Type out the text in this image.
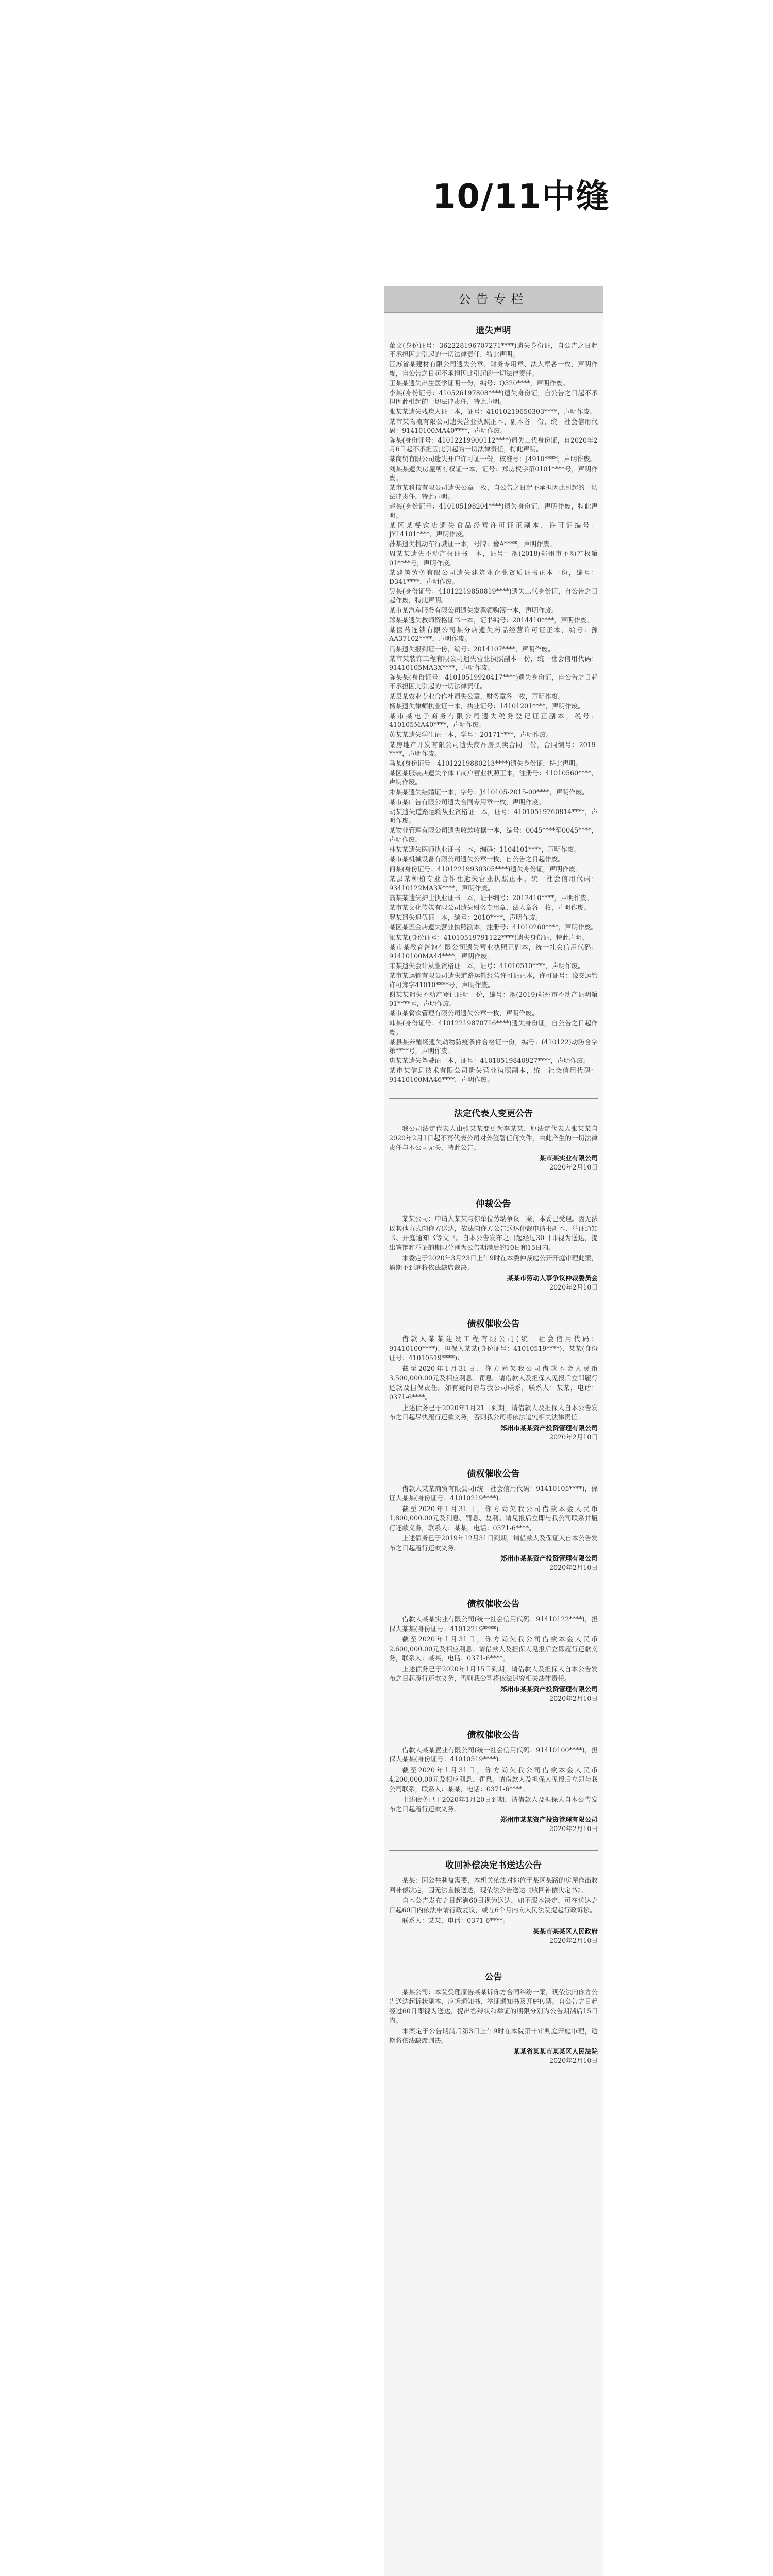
10/11中缝
公告专栏
遗失声明

董文(身份证号：362228196707271****)遗失身份证，自公告之日起不承担因此引起的一切法律责任，特此声明。

江苏省某建材有限公司遗失公章、财务专用章、法人章各一枚，声明作废，自公告之日起不承担因此引起的一切法律责任。

王某某遗失出生医学证明一份，编号：Q320****，声明作废。

李某(身份证号：410526197808****)遗失身份证，自公告之日起不承担因此引起的一切法律责任，特此声明。

张某某遗失残疾人证一本，证号：41010219650303****，声明作废。

某市某物流有限公司遗失营业执照正本、副本各一份，统一社会信用代码：91410100MA40****，声明作废。

陈某(身份证号：41012219900112****)遗失二代身份证，自2020年2月6日起不承担因此引起的一切法律责任，特此声明。

某商贸有限公司遗失开户许可证一份，核准号：J4910****，声明作废。

刘某某遗失房屋所有权证一本，证号：郑房权字第0101****号，声明作废。

某市某科技有限公司遗失公章一枚，自公告之日起不承担因此引起的一切法律责任，特此声明。

赵某(身份证号：410105198204****)遗失身份证，声明作废，特此声明。

某区某餐饮店遗失食品经营许可证正副本，许可证编号：JY14101****，声明作废。

孙某遗失机动车行驶证一本，号牌：豫A****，声明作废。

周某某遗失不动产权证书一本，证号：豫(2018)郑州市不动产权第01****号，声明作废。

某建筑劳务有限公司遗失建筑业企业资质证书正本一份，编号：D341****，声明作废。

吴某(身份证号：41012219850819****)遗失二代身份证，自公告之日起作废，特此声明。

某市某汽车服务有限公司遗失发票领购簿一本，声明作废。

郑某某遗失教师资格证书一本，证书编号：2014410****，声明作废。

某医药连锁有限公司某分店遗失药品经营许可证正本，编号：豫AA37102****，声明作废。

冯某遗失报到证一份，编号：2014107****，声明作废。

某市某装饰工程有限公司遗失营业执照副本一份，统一社会信用代码：91410105MA3X****，声明作废。

陈某某(身份证号：41010519920417****)遗失身份证，自公告之日起不承担因此引起的一切法律责任。

某县某农业专业合作社遗失公章、财务章各一枚，声明作废。

杨某遗失律师执业证一本，执业证号：14101201****，声明作废。

某市某电子商务有限公司遗失税务登记证正副本，税号：410105MA40****，声明作废。

黄某某遗失学生证一本，学号：20171****，声明作废。

某房地产开发有限公司遗失商品房买卖合同一份，合同编号：2019-****，声明作废。

马某(身份证号：41012219880213****)遗失身份证，特此声明。

某区某服装店遗失个体工商户营业执照正本，注册号：41010560****，声明作废。

朱某某遗失结婚证一本，字号：J410105-2015-00****，声明作废。

某市某广告有限公司遗失合同专用章一枚，声明作废。

胡某遗失道路运输从业资格证一本，证号：41010519760814****，声明作废。

某物业管理有限公司遗失收款收据一本，编号：0045****至0045****，声明作废。

林某某遗失医师执业证书一本，编码：1104101****，声明作废。

某市某机械设备有限公司遗失公章一枚，自公告之日起作废。

何某(身份证号：41012219930305****)遗失身份证，声明作废。

某县某种植专业合作社遗失营业执照正本，统一社会信用代码：93410122MA3X****，声明作废。

高某某遗失护士执业证书一本，证书编号：2012410****，声明作废。

某市某文化传媒有限公司遗失财务专用章、法人章各一枚，声明作废。

罗某遗失退伍证一本，编号：2010****，声明作废。

某区某五金店遗失营业执照副本，注册号：41010260****，声明作废。

梁某某(身份证号：41010519791122****)遗失身份证，特此声明。

某市某教育咨询有限公司遗失营业执照正副本，统一社会信用代码：91410100MA44****，声明作废。

宋某遗失会计从业资格证一本，证号：41010510****，声明作废。

某市某运输有限公司遗失道路运输经营许可证正本，许可证号：豫交运管许可郑字41010****号，声明作废。

谢某某遗失不动产登记证明一份，编号：豫(2019)郑州市不动产证明第01****号，声明作废。

某市某餐饮管理有限公司遗失公章一枚，声明作废。

韩某(身份证号：41012219870716****)遗失身份证，自公告之日起作废。

某县某养殖场遗失动物防疫条件合格证一份，编号：(410122)动防合字第****号，声明作废。

唐某某遗失驾驶证一本，证号：41010519840927****，声明作废。

某市某信息技术有限公司遗失营业执照副本，统一社会信用代码：91410100MA46****，声明作废。

法定代表人变更公告

我公司法定代表人由张某某变更为李某某，原法定代表人张某某自2020年2月1日起不再代表公司对外签署任何文件，由此产生的一切法律责任与本公司无关，特此公告。

某市某实业有限公司
2020年2月10日
仲裁公告

某某公司：申请人某某与你单位劳动争议一案，本委已受理。因无法以其他方式向你方送达，依法向你方公告送达仲裁申请书副本、举证通知书、开庭通知书等文书。自本公告发布之日起经过30日即视为送达，提出答辩和举证的期限分别为公告期满后的10日和15日内。

本委定于2020年3月23日上午9时在本委仲裁庭公开开庭审理此案，逾期不到庭将依法缺席裁决。

某某市劳动人事争议仲裁委员会
2020年2月10日
债权催收公告

借款人某某建设工程有限公司(统一社会信用代码：91410100****)，担保人某某(身份证号：41010519****)、某某(身份证号：41010519****)：

截至2020年1月31日，你方尚欠我公司借款本金人民币3,500,000.00元及相应利息、罚息。请借款人及担保人见报后立即履行还款及担保责任。如有疑问请与我公司联系，联系人：某某，电话：0371-6****。

上述债务已于2020年1月21日到期，请借款人及担保人自本公告发布之日起尽快履行还款义务，否则我公司将依法追究相关法律责任。

郑州市某某资产投资管理有限公司
2020年2月10日
债权催收公告

借款人某某商贸有限公司(统一社会信用代码：91410105****)，保证人某某(身份证号：41010219****)：

截至2020年1月31日，你方尚欠我公司借款本金人民币1,800,000.00元及利息、罚息、复利。请见报后立即与我公司联系并履行还款义务，联系人：某某，电话：0371-6****。

上述债务已于2019年12月31日到期，请借款人及保证人自本公告发布之日起履行还款义务。

郑州市某某资产投资管理有限公司
2020年2月10日
债权催收公告

借款人某某实业有限公司(统一社会信用代码：91410122****)，担保人某某(身份证号：41012219****)：

截至2020年1月31日，你方尚欠我公司借款本金人民币2,600,000.00元及相应利息。请借款人及担保人见报后立即履行还款义务，联系人：某某，电话：0371-6****。

上述债务已于2020年1月15日到期，请借款人及担保人自本公告发布之日起履行还款义务，否则我公司将依法追究相关法律责任。

郑州市某某资产投资管理有限公司
2020年2月10日
债权催收公告

借款人某某置业有限公司(统一社会信用代码：91410100****)，担保人某某(身份证号：41010519****)：

截至2020年1月31日，你方尚欠我公司借款本金人民币4,200,000.00元及相应利息、罚息。请借款人及担保人见报后立即与我公司联系，联系人：某某，电话：0371-6****。

上述债务已于2020年1月20日到期，请借款人及担保人自本公告发布之日起履行还款义务。

郑州市某某资产投资管理有限公司
2020年2月10日
收回补偿决定书送达公告

某某：因公共利益需要，本机关依法对你位于某区某路的房屋作出收回补偿决定，因无法直接送达，现依法公告送达《收回补偿决定书》。

自本公告发布之日起满60日视为送达。如不服本决定，可在送达之日起60日内依法申请行政复议，或在6个月内向人民法院提起行政诉讼。

联系人：某某，电话：0371-6****。

某某市某某区人民政府
2020年2月10日
公告

某某公司：本院受理原告某某诉你方合同纠纷一案，现依法向你方公告送达起诉状副本、应诉通知书、举证通知书及开庭传票。自公告之日起经过60日即视为送达，提出答辩状和举证的期限分别为公告期满后15日内。

本案定于公告期满后第3日上午9时在本院第十审判庭开庭审理，逾期将依法缺席判决。

某某省某某市某某区人民法院
2020年2月10日
